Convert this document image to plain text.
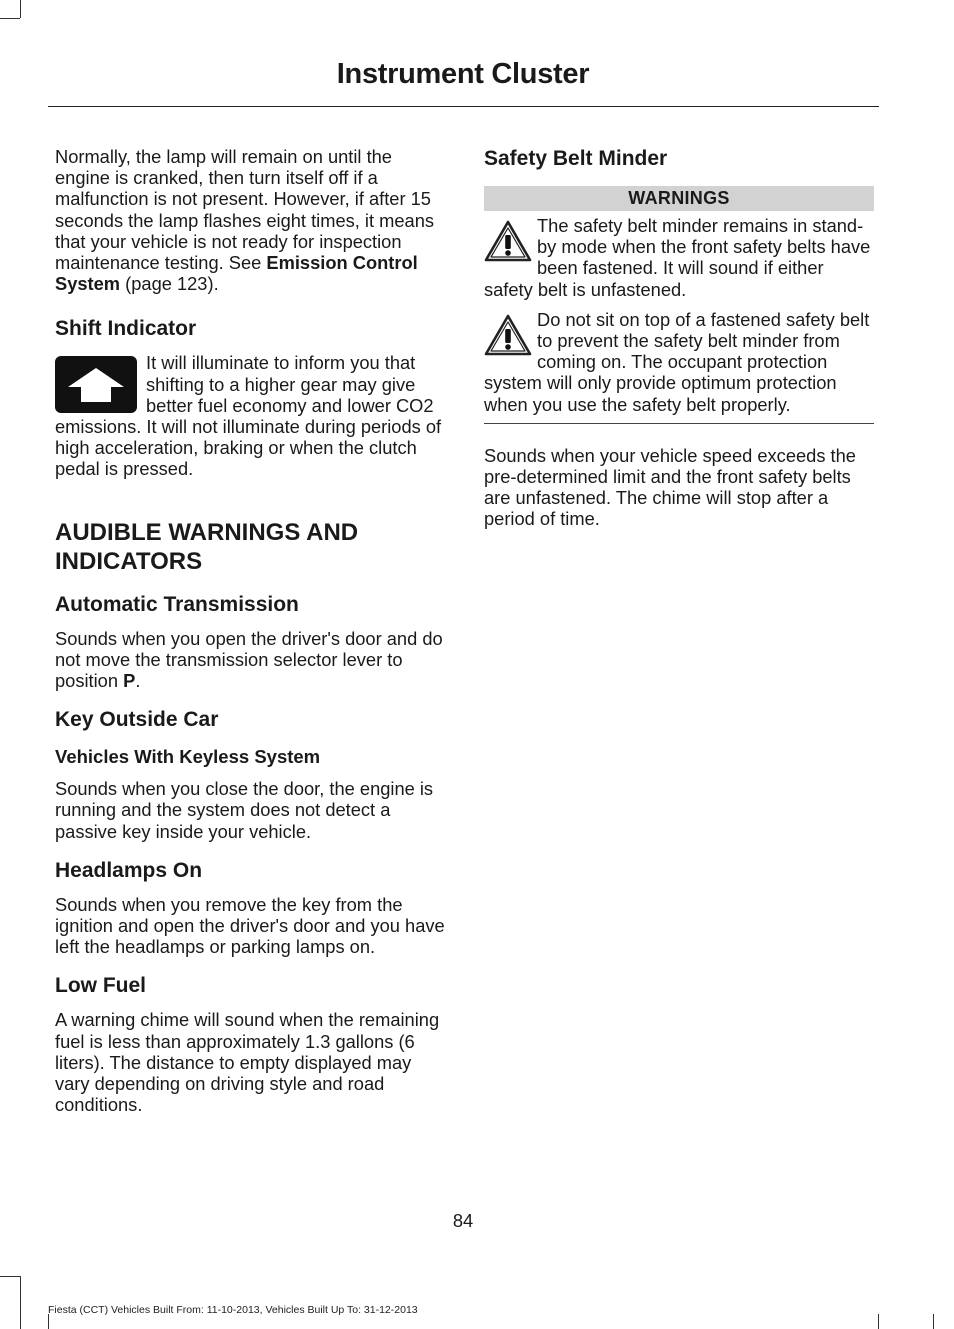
Instrument Cluster

Normally, the lamp will remain on until the engine is cranked, then turn itself off if a malfunction is not present. However, if after 15 seconds the lamp flashes eight times, it means that your vehicle is not ready for inspection maintenance testing. See Emission Control System (page 123).

Shift Indicator

It will illuminate to inform you that shifting to a higher gear may give better fuel economy and lower CO2 emissions. It will not illuminate during periods of high acceleration, braking or when the clutch pedal is pressed.

AUDIBLE WARNINGS AND INDICATORS
Automatic Transmission

Sounds when you open the driver's door and do not move the transmission selector lever to position P.

Key Outside Car
Vehicles With Keyless System

Sounds when you close the door, the engine is running and the system does not detect a passive key inside your vehicle.

Headlamps On

Sounds when you remove the key from the ignition and open the driver's door and you have left the headlamps or parking lamps on.

Low Fuel

A warning chime will sound when the remaining fuel is less than approximately 1.3 gallons (6 liters). The distance to empty displayed may vary depending on driving style and road conditions.

Safety Belt Minder
WARNINGS

The safety belt minder remains in stand-by mode when the front safety belts have been fastened. It will sound if either safety belt is unfastened.

Do not sit on top of a fastened safety belt to prevent the safety belt minder from coming on. The occupant protection system will only provide optimum protection when you use the safety belt properly.

Sounds when your vehicle speed exceeds the pre-determined limit and the front safety belts are unfastened. The chime will stop after a period of time.

84
Fiesta (CCT) Vehicles Built From: 11-10-2013, Vehicles Built Up To: 31-12-2013
